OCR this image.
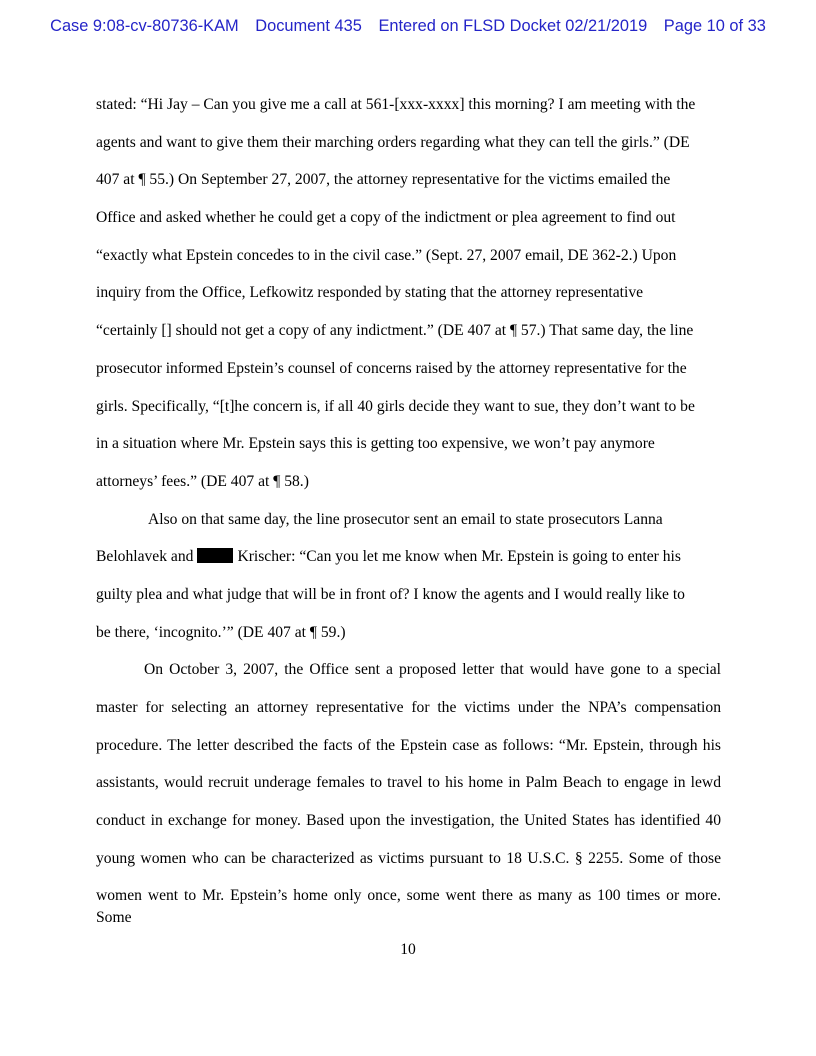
Case 9:08-cv-80736-KAM Document 435 Entered on FLSD Docket 02/21/2019 Page 10 of 33
stated: “Hi Jay – Can you give me a call at 561-[xxx-xxxx] this morning? I am meeting with the
agents and want to give them their marching orders regarding what they can tell the girls.” (DE
407 at ¶ 55.) On September 27, 2007, the attorney representative for the victims emailed the
Office and asked whether he could get a copy of the indictment or plea agreement to find out
“exactly what Epstein concedes to in the civil case.” (Sept. 27, 2007 email, DE 362-2.) Upon
inquiry from the Office, Lefkowitz responded by stating that the attorney representative
“certainly [] should not get a copy of any indictment.” (DE 407 at ¶ 57.) That same day, the line
prosecutor informed Epstein’s counsel of concerns raised by the attorney representative for the
girls. Specifically, “[t]he concern is, if all 40 girls decide they want to sue, they don’t want to be
in a situation where Mr. Epstein says this is getting too expensive, we won’t pay anymore
attorneys’ fees.” (DE 407 at ¶ 58.)
Also on that same day, the line prosecutor sent an email to state prosecutors Lanna
Belohlavek and	Krischer: “Can you let me know when Mr. Epstein is going to enter his
guilty plea and what judge that will be in front of? I know the agents and I would really like to
be there, ‘incognito.’” (DE 407 at ¶ 59.)
On October 3, 2007, the Office sent a proposed letter that would have gone to a special
master for selecting an attorney representative for the victims under the NPA’s compensation
procedure. The letter described the facts of the Epstein case as follows: “Mr. Epstein, through his
assistants, would recruit underage females to travel to his home in Palm Beach to engage in lewd
conduct in exchange for money. Based upon the investigation, the United States has identified 40
young women who can be characterized as victims pursuant to 18 U.S.C. § 2255. Some of those
women went to Mr. Epstein’s home only once, some went there as many as 100 times or more. Some
10
